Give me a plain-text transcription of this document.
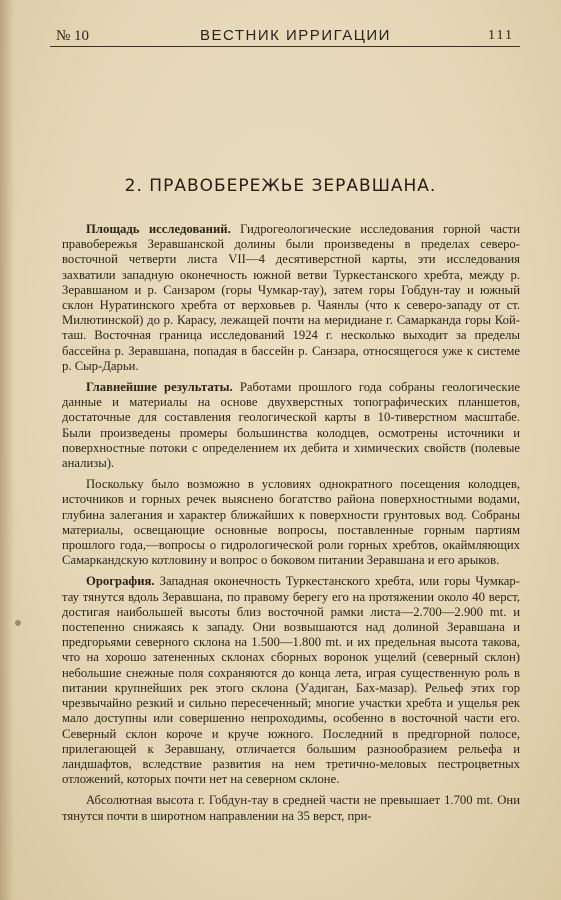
№ 10	ВЕСТНИК ИРРИГАЦИИ	111
2. ПРАВОБЕРЕЖЬЕ ЗЕРАВШАНА.

Площадь исследований. Гидрогеологические исследования горной части правобережья Зеравшанской долины были произведены в пределах северо-восточной четверти листа VII—4 десятиверстной карты, эти исследования захватили западную оконечность южной ветви Туркестанского хребта, между р. Зеравшаном и р. Санзаром (горы Чумкар-тау), затем горы Гобдун-тау и южный склон Нуратинского хребта от верховьев р. Чаянлы (что к северо-западу от ст. Милютинской) до р. Карасу, лежащей почти на меридиане г. Самарканда горы Кой-таш. Восточная граница исследований 1924 г. несколько выходит за пределы бассейна р. Зеравшана, попадая в бассейн р. Санзара, относящегося уже к системе р. Сыр-Дарьи.

Главнейшие результаты. Работами прошлого года собраны геологические данные и материалы на основе двухверстных топографических планшетов, достаточные для составления геологической карты в 10-тиверстном масштабе. Были произведены промеры большинства колодцев, осмотрены источники и поверхностные потоки с определением их дебита и химических свойств (полевые анализы).

Поскольку было возможно в условиях однократного посещения колодцев, источников и горных речек выяснено богатство района поверхностными водами, глубина залегания и характер ближайших к поверхности грунтовых вод. Собраны материалы, освещающие основные вопросы, поставленные горным партиям прошлого года,—вопросы о гидрологической роли горных хребтов, окаймляющих Самаркандскую котловину и вопрос о боковом питании Зеравшана и его арыков.

Орография. Западная оконечность Туркестанского хребта, или горы Чумкар-тау тянутся вдоль Зеравшана, по правому берегу его на протяжении около 40 верст, достигая наибольшей высоты близ восточной рамки листа—2.700—2.900 mt. и постепенно снижаясь к западу. Они возвышаются над долиной Зеравшана и предгорьями северного склона на 1.500—1.800 mt. и их предельная высота такова, что на хорошо затененных склонах сборных воронок ущелий (северный склон) небольшие снежные поля сохраняются до конца лета, играя существенную роль в питании крупнейших рек этого склона (Уадиган, Бах-мазар). Рельеф этих гор чрезвычайно резкий и сильно пересеченный; многие участки хребта и ущелья рек мало доступны или совершенно непроходимы, особенно в восточной части его. Северный склон короче и круче южного. Последний в предгорной полосе, прилегающей к Зеравшану, отличается большим разнообразием рельефа и ландшафтов, вследствие развития на нем третично-меловых пестроцветных отложений, которых почти нет на северном склоне.

Абсолютная высота г. Гобдун-тау в средней части не превышает 1.700 mt. Они тянутся почти в широтном направлении на 35 верст, при-
